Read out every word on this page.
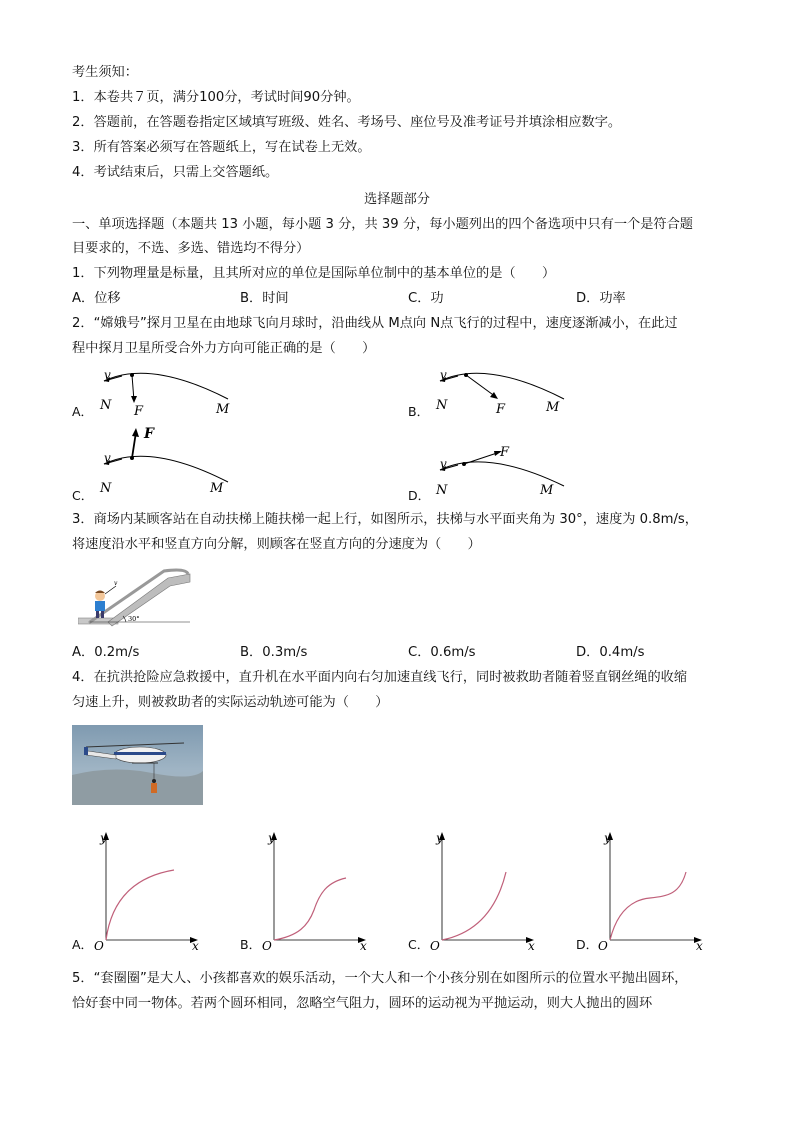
考生须知：
1．本卷共７页，满分100分，考试时间90分钟。
2．答题前，在答题卷指定区域填写班级、姓名、考场号、座位号及准考证号并填涂相应数字。
3．所有答案必须写在答题纸上，写在试卷上无效。
4．考试结束后，只需上交答题纸。
选择题部分
一、单项选择题（本题共 13 小题，每小题 3 分，共 39 分，每小题列出的四个备选项中只有一个是符合题
目要求的，不选、多选、错选均不得分）
1．下列物理量是标量，且其所对应的单位是国际单位制中的基本单位的是（　　）
A．位移	B．时间	C．功	D．功率
2．“嫦娥号”探月卫星在由地球飞向月球时，沿曲线从 M点向 N点飞行的过程中，速度逐渐减小，在此过
程中探月卫星所受合外力方向可能正确的是（　　）
A．
v
N F	M	B．
v
N	F	M
C．
F
v
N	M	D．
F
v
N	M
3．商场内某顾客站在自动扶梯上随扶梯一起上行，如图所示，扶梯与水平面夹角为 30°，速度为 0.8m/s，
将速度沿水平和竖直方向分解，则顾客在竖直方向的分速度为（　　）
30°
v
A．0.2m/s	B．0.3m/s	C．0.6m/s	D．0.4m/s
4．在抗洪抢险应急救援中，直升机在水平面内向右匀加速直线飞行，同时被救助者随着竖直钢丝绳的收缩
匀速上升，则被救助者的实际运动轨迹可能为（　　）
y
x
O
A．
y
x
O
B．
y
x
O
C．
y
x
O
D．
5．“套圈圈”是大人、小孩都喜欢的娱乐活动，一个大人和一个小孩分别在如图所示的位置水平抛出圆环，
恰好套中同一物体。若两个圆环相同，忽略空气阻力，圆环的运动视为平抛运动，则大人抛出的圆环
